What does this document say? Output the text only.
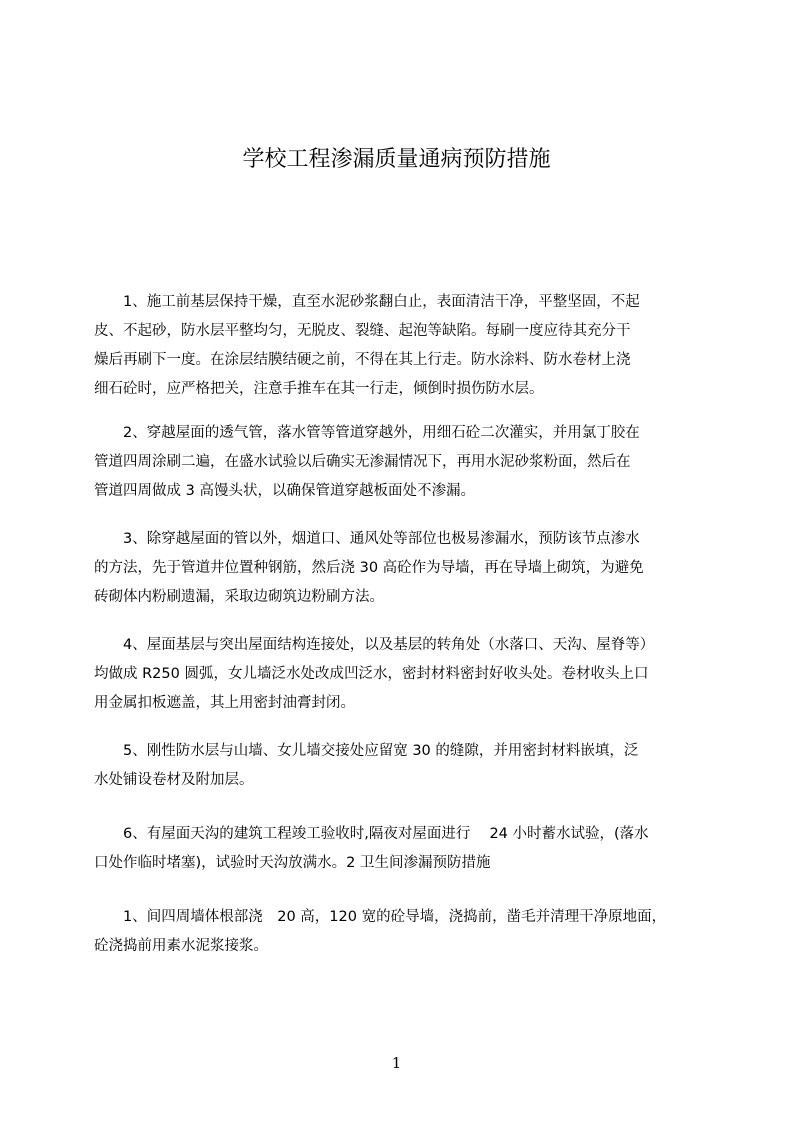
学校工程渗漏质量通病预防措施
　　1、施工前基层保持干燥，直至水泥砂浆翻白止，表面清洁干净，平整坚固，不起
皮、不起砂，防水层平整均匀，无脱皮、裂缝、起泡等缺陷。每刷一度应待其充分干
燥后再刷下一度。在涂层结膜结硬之前，不得在其上行走。防水涂料、防水卷材上浇
细石砼时，应严格把关，注意手推车在其一行走，倾倒时损伤防水层。
　　2、穿越屋面的透气管，落水管等管道穿越外，用细石砼二次灌实，并用氯丁胶在
管道四周涂刷二遍，在盛水试验以后确实无渗漏情况下，再用水泥砂浆粉面，然后在
管道四周做成 3 高馒头状，以确保管道穿越板面处不渗漏。
　　3、除穿越屋面的管以外，烟道口、通风处等部位也极易渗漏水，预防该节点渗水
的方法，先于管道井位置种钢筋，然后浇 30 高砼作为导墙，再在导墙上砌筑，为避免
砖砌体内粉刷遗漏，采取边砌筑边粉刷方法。
　　4、屋面基层与突出屋面结构连接处，以及基层的转角处（水落口、天沟、屋脊等）
均做成 R250 圆弧，女儿墙泛水处改成凹泛水，密封材料密封好收头处。卷材收头上口
用金属扣板遮盖，其上用密封油膏封闭。
　　5、刚性防水层与山墙、女儿墙交接处应留宽 30 的缝隙，并用密封材料嵌填，泛
水处铺设卷材及附加层。
　　6、有屋面天沟的建筑工程竣工验收时,隔夜对屋面进行　 24 小时蓄水试验，(落水
口处作临时堵塞)，试验时天沟放满水。2 卫生间渗漏预防措施
　　1、间四周墙体根部浇　20 高，120 宽的砼导墙，浇捣前，凿毛并清理干净原地面，
砼浇捣前用素水泥浆接浆。
1
